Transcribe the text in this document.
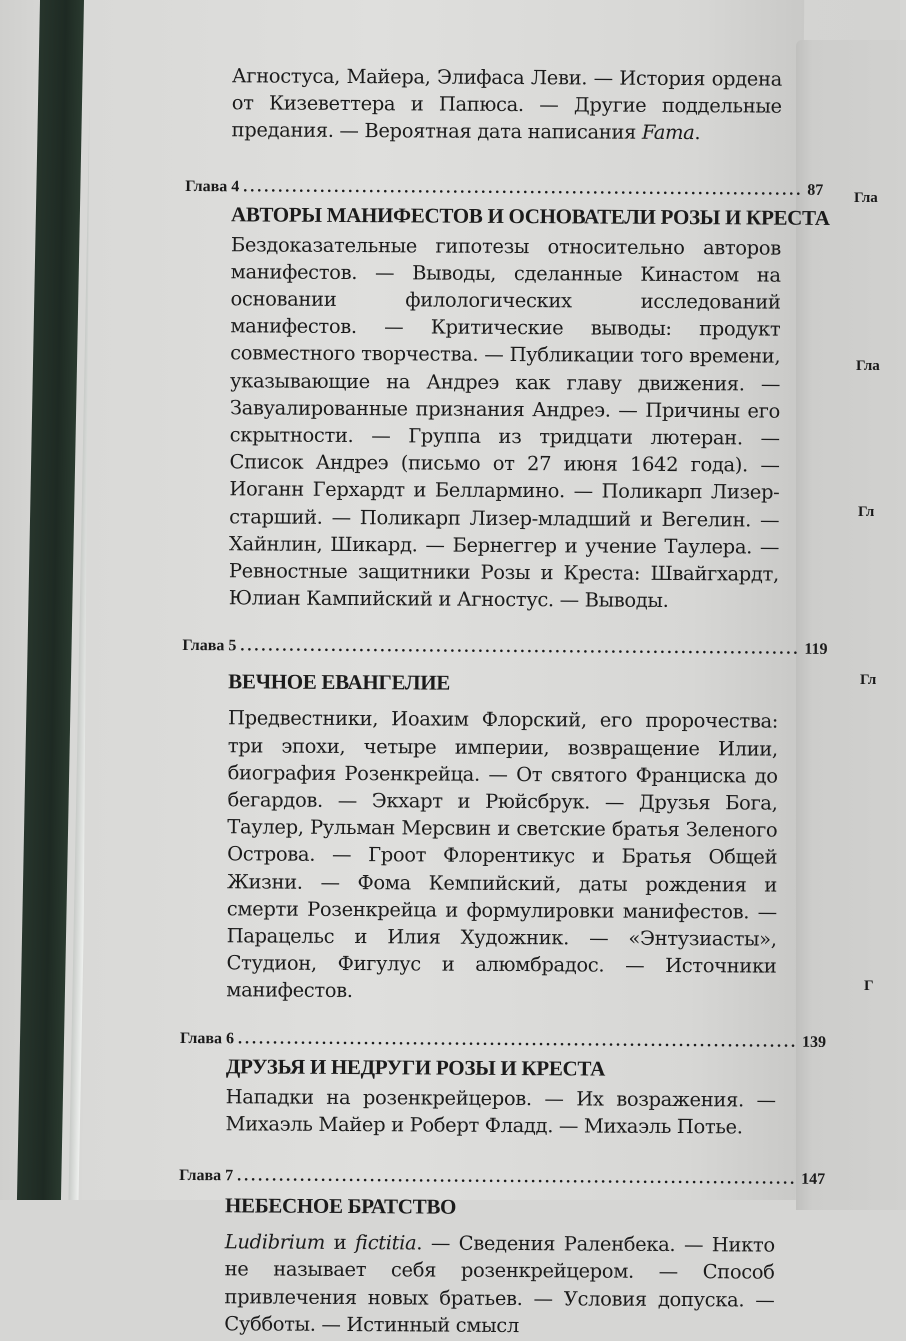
Гла
Гла
Гл
Гл
Г

Агностуса, Майера, Элифаса Леви. — История ордена от Кизеветтера и Папюса. — Другие поддельные предания. — Вероятная дата написания Fama.

Глава 4 ................................................................................ 87
АВТОРЫ МАНИФЕСТОВ И ОСНОВАТЕЛИ РОЗЫ И КРЕСТА

Бездоказательные гипотезы относительно авторов манифестов. — Выводы, сделанные Кинастом на основании филологических исследований манифестов. — Критические выводы: продукт совместного творчества. — Публикации того времени, указывающие на Андреэ как главу движения. — Завуалированные признания Андреэ. — Причины его скрытности. — Группа из тридцати лютеран. — Список Андреэ (письмо от 27 июня 1642 года). — Иоганн Герхардт и Беллармино. — Поликарп Лизер-старший. — Поликарп Лизер-младший и Вегелин. — Хайнлин, Шикард. — Бернеггер и учение Таулера. — Ревностные защитники Розы и Креста: Швайгхардт, Юлиан Кампийский и Агностус. — Выводы.

Глава 5 ................................................................................ 119
ВЕЧНОЕ ЕВАНГЕЛИЕ

Предвестники, Иоахим Флорский, его пророчества: три эпохи, четыре империи, возвращение Илии, биография Розенкрейца. — От святого Франциска до бегардов. — Экхарт и Рюйсбрук. — Друзья Бога, Таулер, Рульман Мерсвин и светские братья Зеленого Острова. — Гроот Флорентикус и Братья Общей Жизни. — Фома Кемпийский, даты рождения и смерти Розенкрейца и формулировки манифестов. — Парацельс и Илия Художник. — «Энтузиасты», Студион, Фигулус и алюмбрадос. — Источники манифестов.

Глава 6 ................................................................................ 139
ДРУЗЬЯ И НЕДРУГИ РОЗЫ И КРЕСТА

Нападки на розенкрейцеров. — Их возражения. — Михаэль Майер и Роберт Фладд. — Михаэль Потье.

Глава 7 ................................................................................ 147
НЕБЕСНОЕ БРАТСТВО

Ludibrium и fictitia. — Сведения Раленбека. — Никто не называет себя розенкрейцером. — Способ привлечения новых братьев. — Условия допуска. — Субботы. — Истинный смысл
